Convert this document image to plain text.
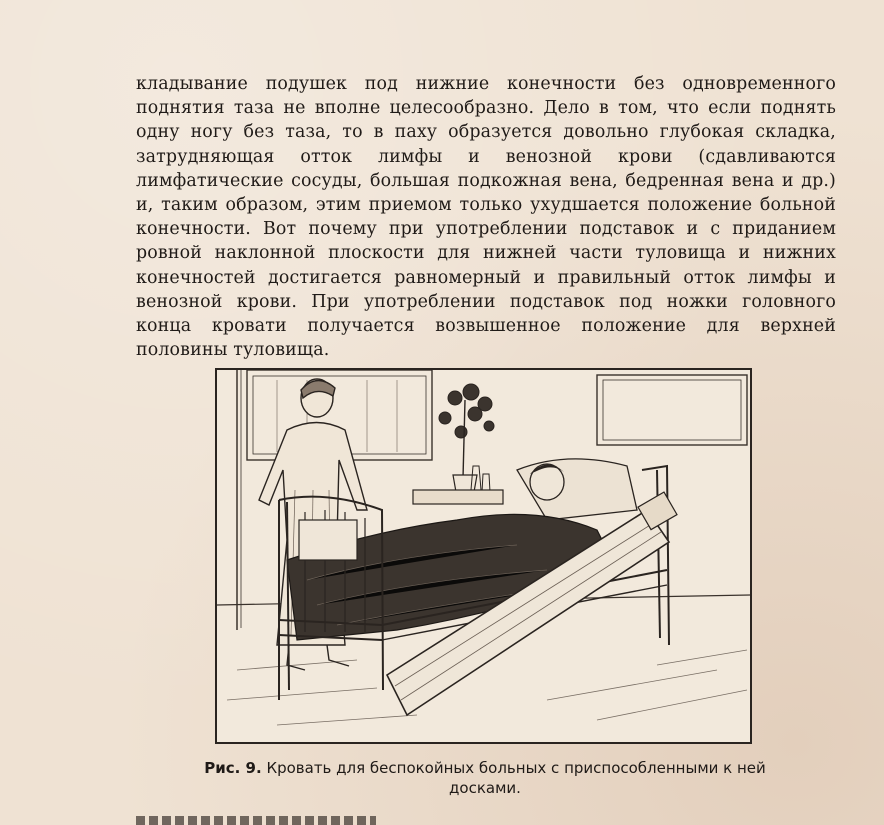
кладывание подушек под нижние конечности без одновременного поднятия таза не вполне целесообразно. Дело в том, что если поднять одну ногу без таза, то в паху образуется довольно глубокая складка, затрудняющая отток лимфы и венозной крови (сдавливаются лимфатические сосуды, большая подкожная вена, бедренная вена и др.) и, таким образом, этим приемом только ухудшается положение больной конечности. Вот почему при употреблении подставок и с приданием ровной наклонной плоскости для нижней части туловища и нижних конечностей достигается равномерный и правильный отток лимфы и венозной крови. При употреблении подставок под ножки головного конца кровати получается возвышенное положение для верхней половины туловища.

Рис. 9. Кровать для беспокойных больных с приспособленными к ней досками.
